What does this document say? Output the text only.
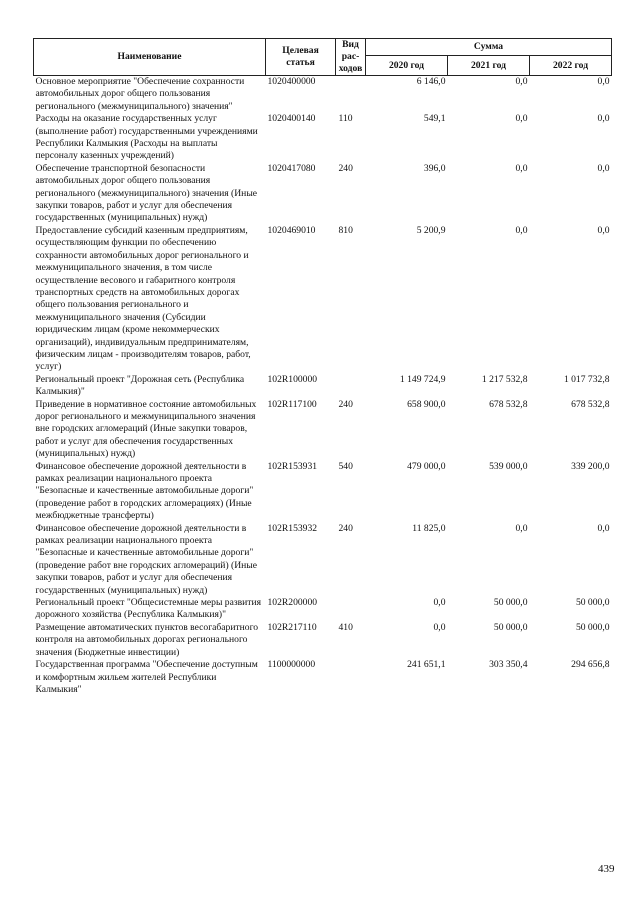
Наименование	Целевая статья	Вид рас-ходов	Сумма		
			2020 год	2021 год	2022 год
Основное мероприятие "Обеспечение сохранности автомобильных дорог общего пользования регионального (межмуниципального) значения"	1020400000		6 146,0	0,0	0,0
Расходы на оказание государственных услуг (выполнение работ) государственными учреждениями Республики Калмыкия (Расходы на выплаты персоналу казенных учреждений)	1020400140	110	549,1	0,0	0,0
Обеспечение транспортной безопасности автомобильных дорог общего пользования регионального (межмуниципального) значения (Иные закупки товаров, работ и услуг для обеспечения государственных (муниципальных) нужд)	1020417080	240	396,0	0,0	0,0
Предоставление субсидий казенным предприятиям, осуществляющим функции по обеспечению сохранности автомобильных дорог регионального и межмуниципального значения, в том числе осуществление весового и габаритного контроля транспортных средств на автомобильных дорогах общего пользования регионального и межмуниципального значения (Субсидии юридическим лицам (кроме некоммерческих организаций), индивидуальным предпринимателям, физическим лицам - производителям товаров, работ, услуг)	1020469010	810	5 200,9	0,0	0,0
Региональный проект "Дорожная сеть (Республика Калмыкия)"	102R100000		1 149 724,9	1 217 532,8	1 017 732,8
Приведение в нормативное состояние автомобильных дорог регионального и межмуниципального значения вне городских агломераций (Иные закупки товаров, работ и услуг для обеспечения государственных (муниципальных) нужд)	102R117100	240	658 900,0	678 532,8	678 532,8
Финансовое обеспечение дорожной деятельности в рамках реализации национального проекта "Безопасные и качественные автомобильные дороги" (проведение работ в городских агломерациях) (Иные межбюджетные трансферты)	102R153931	540	479 000,0	539 000,0	339 200,0
Финансовое обеспечение дорожной деятельности в рамках реализации национального проекта "Безопасные и качественные автомобильные дороги" (проведение работ вне городских агломераций) (Иные закупки товаров, работ и услуг для обеспечения государственных (муниципальных) нужд)	102R153932	240	11 825,0	0,0	0,0
Региональный проект "Общесистемные меры развития дорожного хозяйства (Республика Калмыкия)"	102R200000		0,0	50 000,0	50 000,0
Размещение автоматических пунктов весогабаритного контроля на автомобильных дорогах регионального значения (Бюджетные инвестиции)	102R217110	410	0,0	50 000,0	50 000,0
Государственная программа "Обеспечение доступным и комфортным жильем жителей Республики Калмыкия"	1100000000		241 651,1	303 350,4	294 656,8
439
